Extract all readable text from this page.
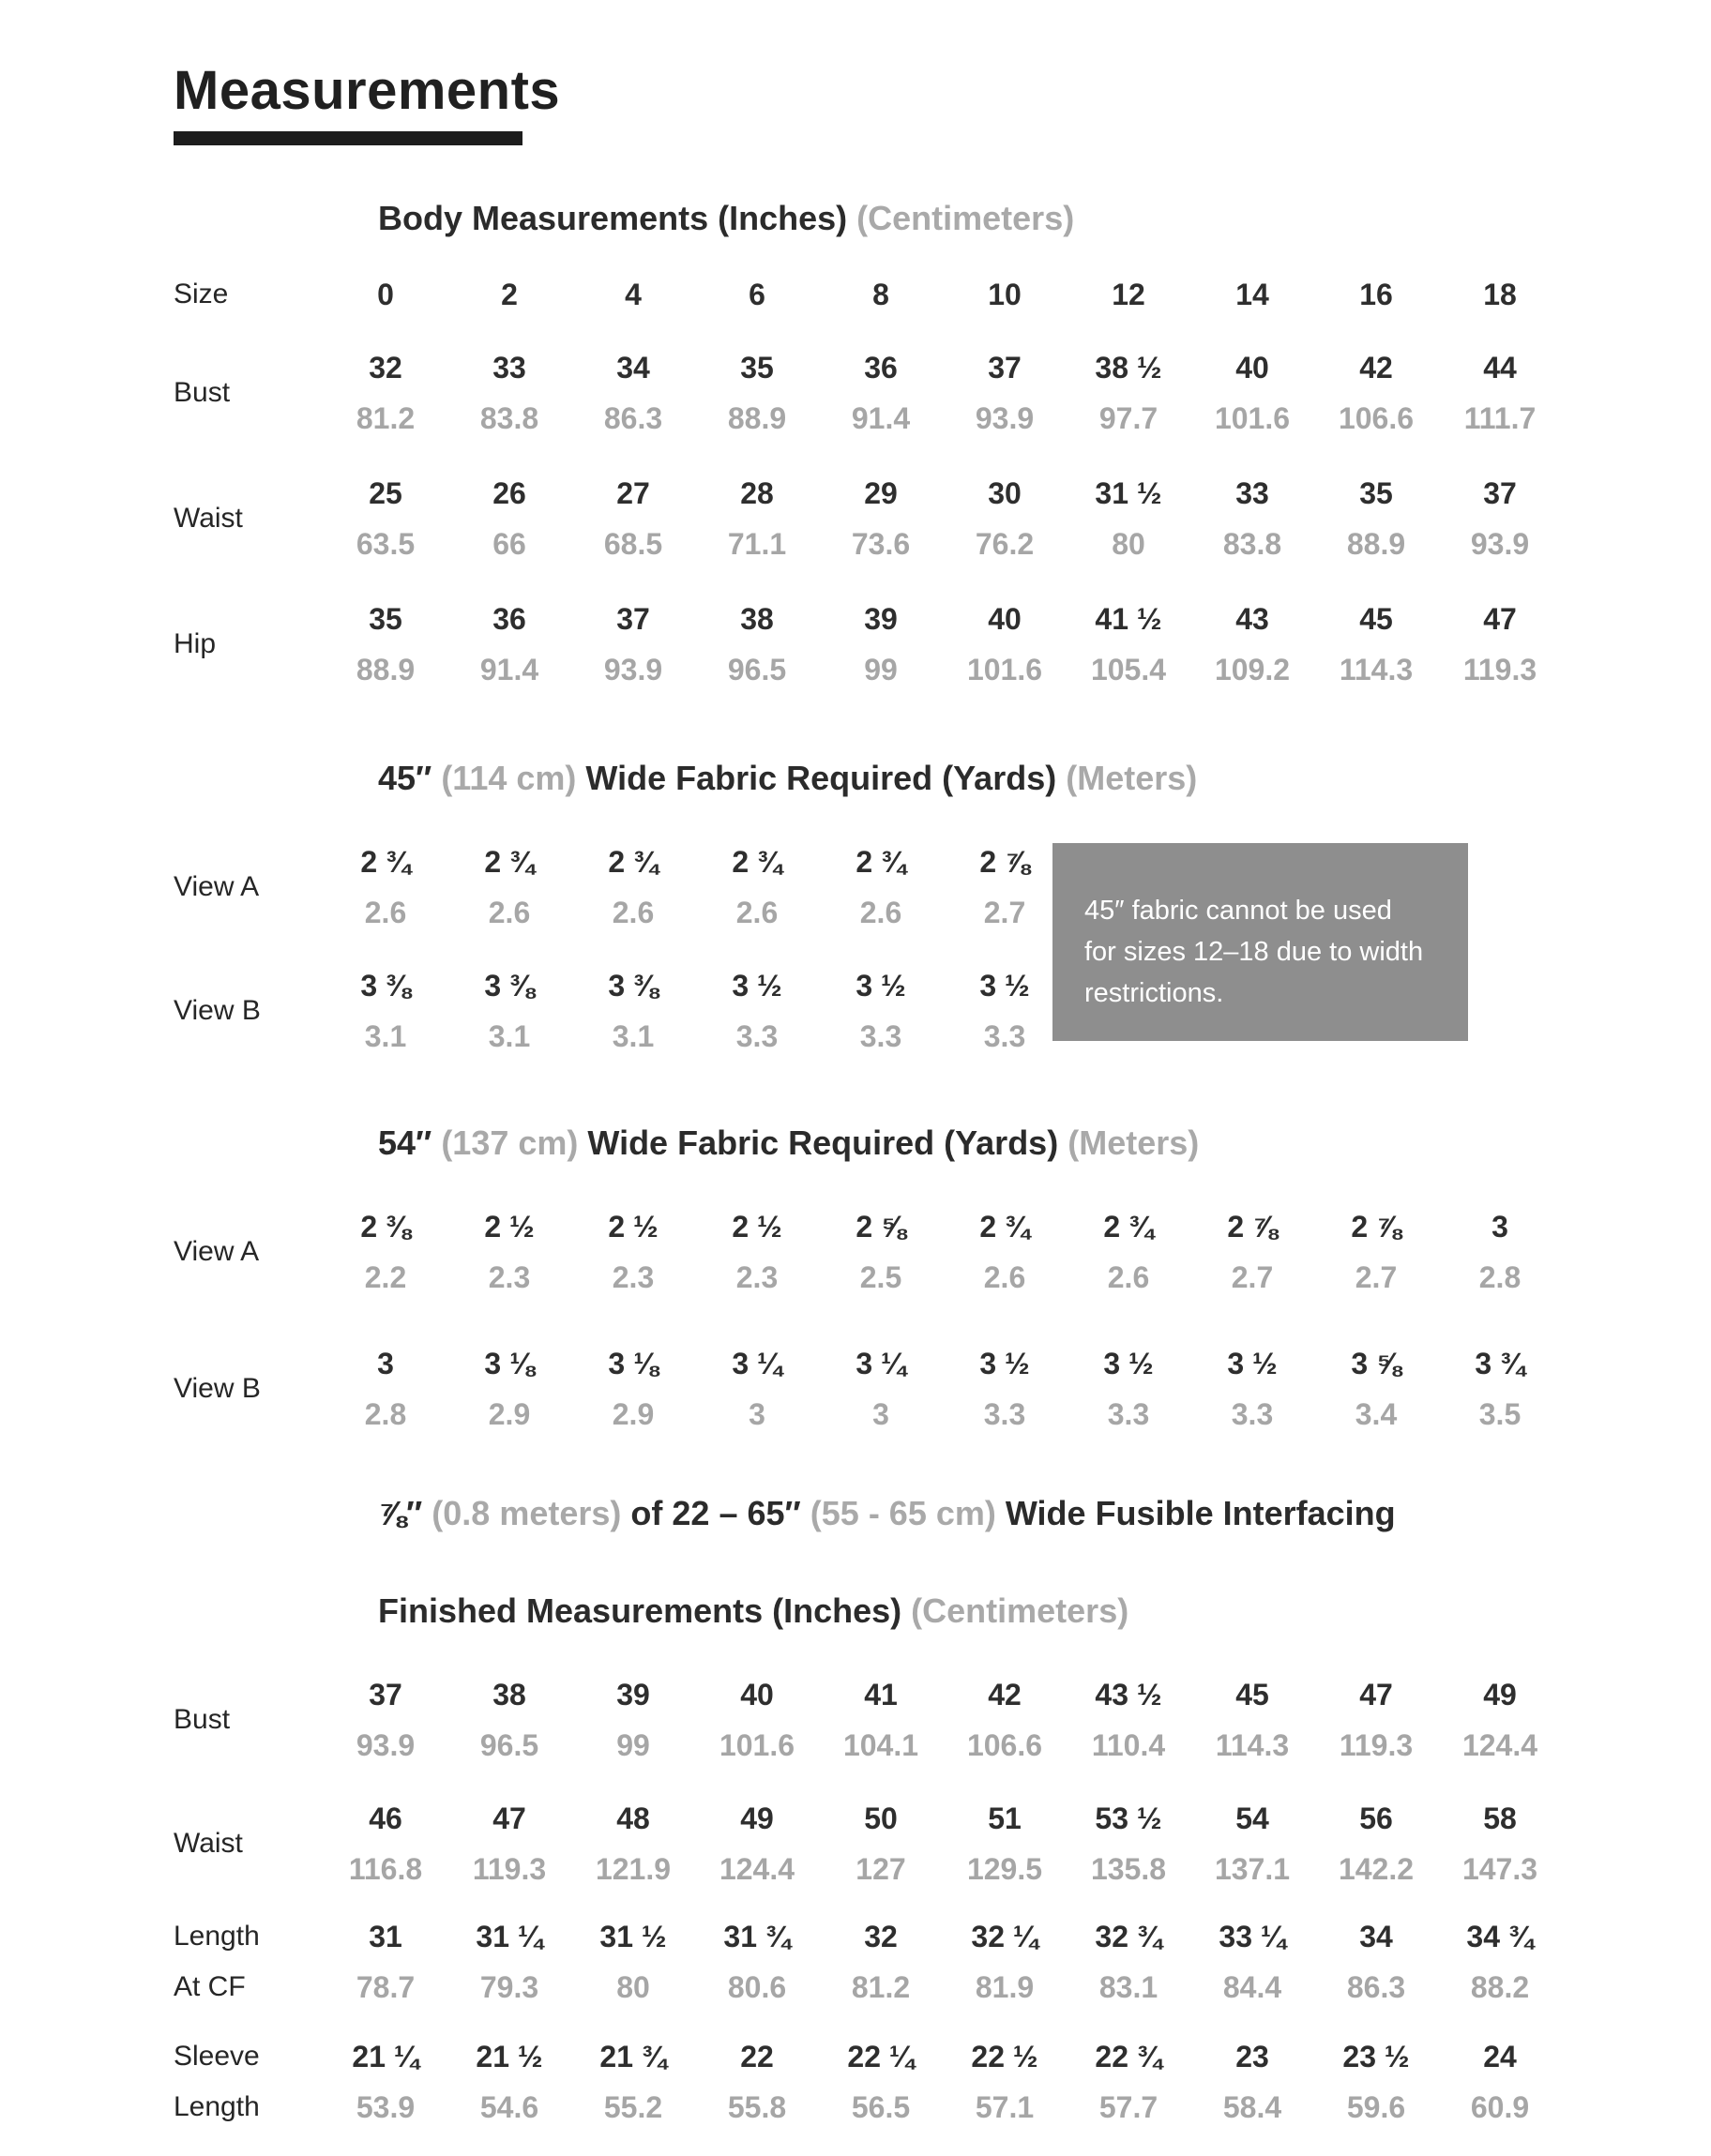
Measurements
Body Measurements (Inches) (Centimeters)
Size	0	2	4	6	8	10	12	14	16	18
Bust
32	33	34	35	36	37	38 ½	40	42	44
81.2	83.8	86.3	88.9	91.4	93.9	97.7	101.6	106.6	111.7
Waist
25	26	27	28	29	30	31 ½	33	35	37
63.5	66	68.5	71.1	73.6	76.2	80	83.8	88.9	93.9
Hip
35	36	37	38	39	40	41 ½	43	45	47
88.9	91.4	93.9	96.5	99	101.6	105.4	109.2	114.3	119.3
45″ (114 cm) Wide Fabric Required (Yards) (Meters)
View A
2 ¾	2 ¾	2 ¾	2 ¾	2 ¾	2 ⅞
2.6	2.6	2.6	2.6	2.6	2.7
View B
3 ⅜	3 ⅜	3 ⅜	3 ½	3 ½	3 ½
3.1	3.1	3.1	3.3	3.3	3.3
45″ fabric cannot be used
for sizes 12–18 due to width
restrictions.
54″ (137 cm) Wide Fabric Required (Yards) (Meters)
View A
2 ⅜	2 ½	2 ½	2 ½	2 ⅝	2 ¾	2 ¾	2 ⅞	2 ⅞	3
2.2	2.3	2.3	2.3	2.5	2.6	2.6	2.7	2.7	2.8
View B
3	3 ⅛	3 ⅛	3 ¼	3 ¼	3 ½	3 ½	3 ½	3 ⅝	3 ¾
2.8	2.9	2.9	3	3	3.3	3.3	3.3	3.4	3.5
⅞″ (0.8 meters) of 22 – 65″ (55 - 65 cm) Wide Fusible Interfacing
Finished Measurements (Inches) (Centimeters)
Bust
37	38	39	40	41	42	43 ½	45	47	49
93.9	96.5	99	101.6	104.1	106.6	110.4	114.3	119.3	124.4
Waist
46	47	48	49	50	51	53 ½	54	56	58
116.8	119.3	121.9	124.4	127	129.5	135.8	137.1	142.2	147.3
Length
At CF
31	31 ¼	31 ½	31 ¾	32	32 ¼	32 ¾	33 ¼	34	34 ¾
78.7	79.3	80	80.6	81.2	81.9	83.1	84.4	86.3	88.2
Sleeve
Length
21 ¼	21 ½	21 ¾	22	22 ¼	22 ½	22 ¾	23	23 ½	24
53.9	54.6	55.2	55.8	56.5	57.1	57.7	58.4	59.6	60.9
